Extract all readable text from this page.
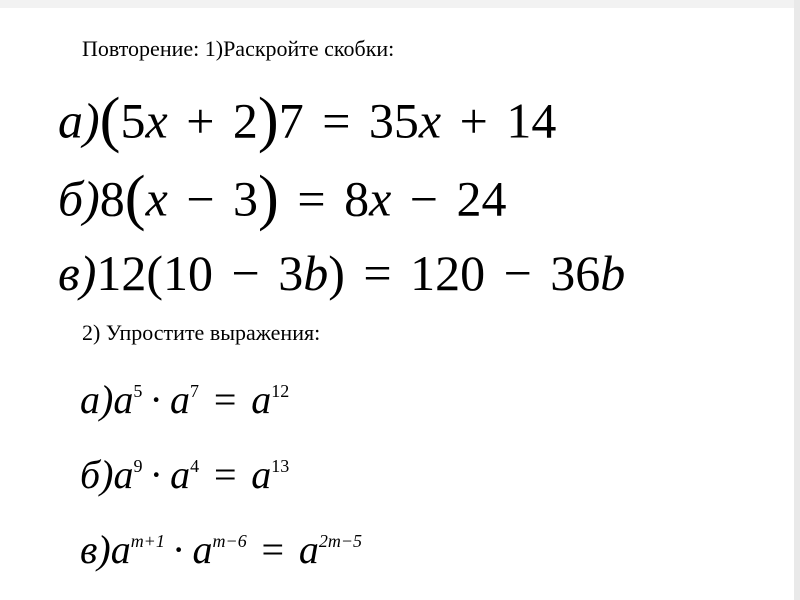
Повторение: 1)Раскройте скобки:
а)(5x + 2)7 = 35x + 14
б)8(x − 3) = 8x − 24
в)12(10 − 3b) = 120 − 36b
2) Упростите выражения:
$а)a^5 \cdot a^7 = a^{12}$
$б)a^9 \cdot a^4 = a^{13}$
$в)a^{m+1} \cdot a^{m-6} = a^{2m-5}$
